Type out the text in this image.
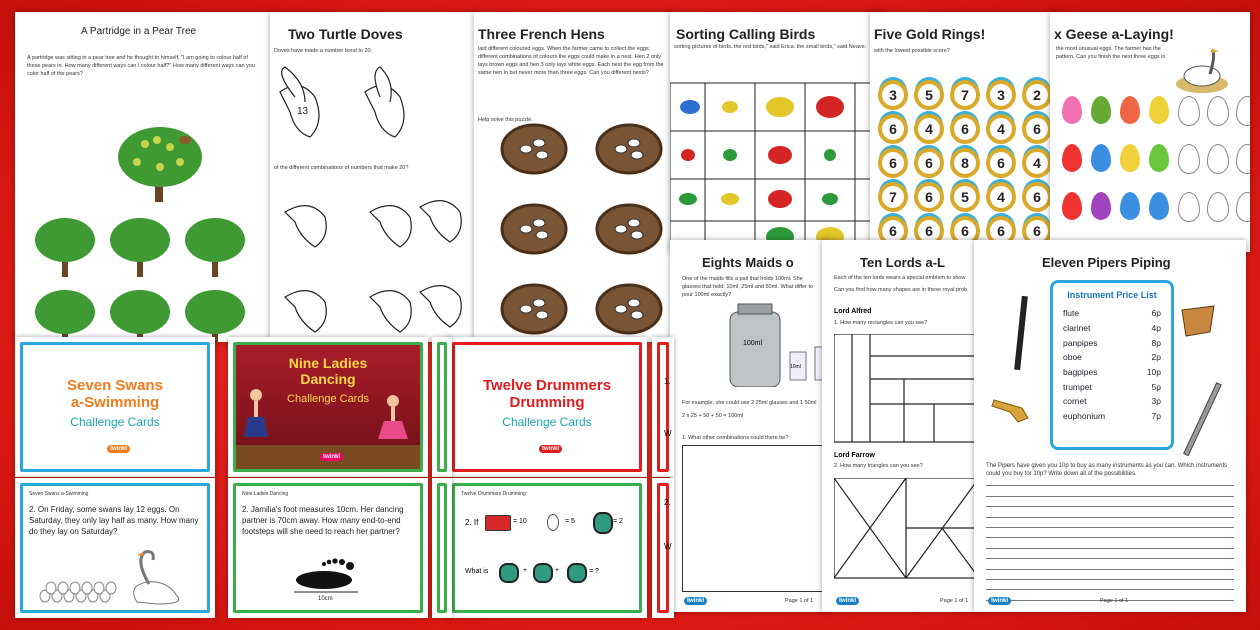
A Partridge in a Pear Tree
A partridge was sitting in a pear tree and he thought to himself, "I am going to colour half of these pears in. How many different ways can I colour half?" How many different ways can you color half of the pears?
Two Turtle Doves
Doves have made a number bond to 20.
of the different combinations of numbers that make 20?
13
Three French Hens
laid different coloured eggs. When the farmer came to collect the eggs, different combinations of colours the eggs could make in a nest. Hen 2 only lays brown eggs and hen 3 only lays white eggs. Each nest the egg from the same hen in but never more than three eggs. Can you different nests?
Help solve this puzzle.
Sorting Calling Birds
sorting pictures of birds. the red birds," said Erica. the small birds," said Neave.
Five Gold Rings!
with the lowest possible score?
3	5	7	3	2
6	4	6	4	6
6	6	8	6	4
7	6	5	4	6
6	6	6	6	6
x Geese a-Laying!
the most unusual eggs. The farmer has the pattern. Can you finish the next three eggs in
Eights Maids o
One of the maids fills a pail that holds 100ml. She glasses that hold: 10ml, 25ml and 50ml. What differ to pour 100ml exactly?
100ml
10ml
For example, she could use 2 25ml glasses and 1 50ml
2 x 25 + 50 + 50 = 100ml
1. What other combinations could there be?
twinkl	Page 1 of 1
Ten Lords a-L
Each of the ten lords wears a special emblem to show
Can you find how many shapes are in these royal prob
Lord Alfred
1. How many rectangles can you see?
Lord Farrow
2. How many triangles can you see?
twinkl	Page 1 of 1
Eleven Pipers Piping
Instrument Price List
flute	6p
clarinet	4p
panpipes	8p
oboe	2p
bagpipes	10p
trumpet	5p
cornet	3p
euphonium	7p
The Pipers have given you 10p to buy as many instruments as you can. Which instruments could you buy for 10p? Write down all of the possibilities.
twinkl	Page 1 of 1
Seven Swans
a-Swimming
Challenge Cards
twinkl
Seven Swans a-Swimming
2. On Friday, some swans lay 12 eggs. On Saturday, they only lay half as many. How many do they lay on Saturday?
Nine Ladies
Dancing
Challenge Cards
twinkl
Nine Ladies Dancing
2. Jamilia's foot measures 10cm. Her dancing partner is 70cm away. How many end-to-end footsteps will she need to reach her partner?
10cm
Twelve Drummers
Drumming
Challenge Cards
twinkl
Twelve Drummers Drumming
2. If	= 10	= 5	= 2
What is	+	+	= ?
1.
W
2.
W
